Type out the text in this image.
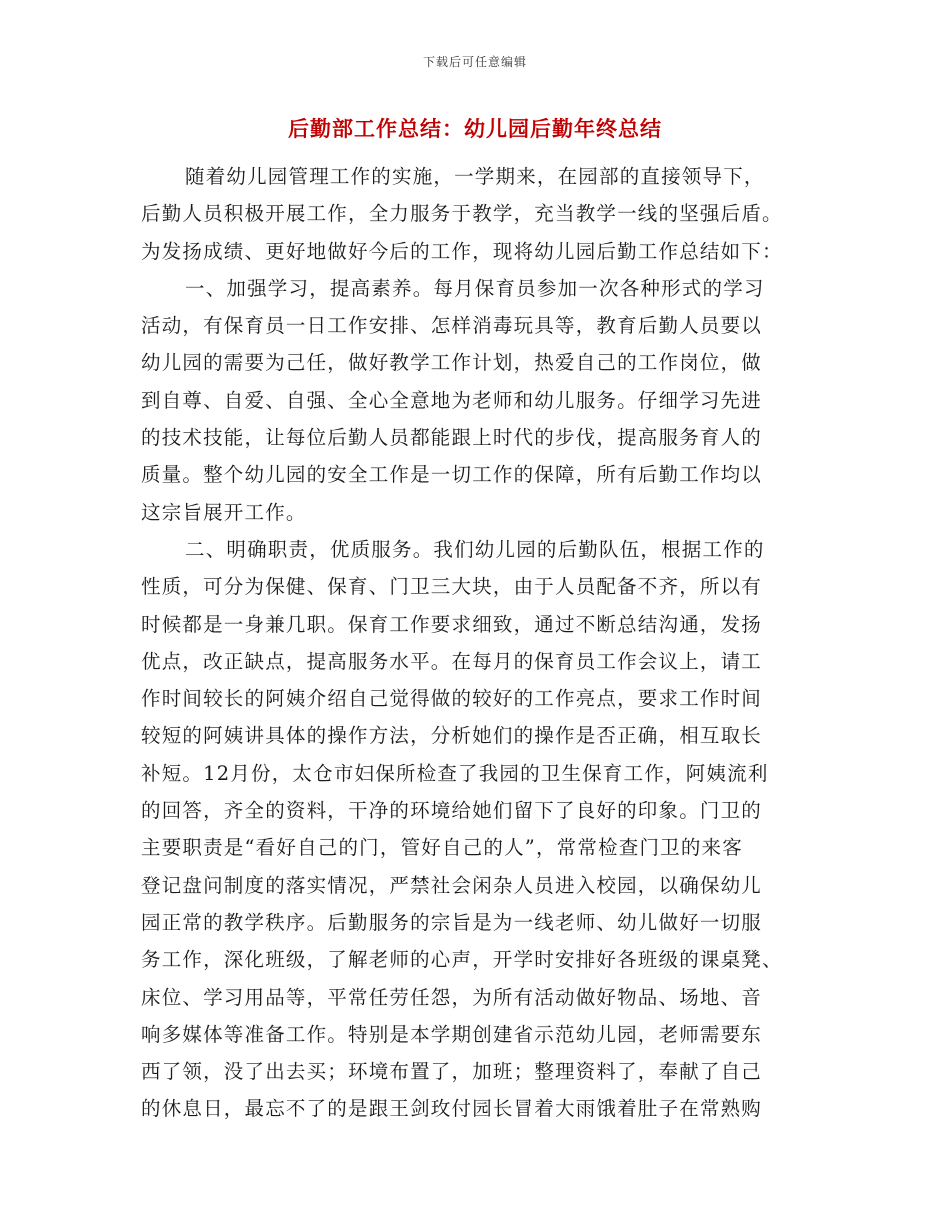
下载后可任意编辑
后勤部工作总结：幼儿园后勤年终总结
随着幼儿园管理工作的实施，一学期来，在园部的直接领导下，
后勤人员积极开展工作，全力服务于教学，充当教学一线的坚强后盾。
为发扬成绩、更好地做好今后的工作，现将幼儿园后勤工作总结如下：
一、加强学习，提高素养。每月保育员参加一次各种形式的学习
活动，有保育员一日工作安排、怎样消毒玩具等，教育后勤人员要以
幼儿园的需要为己任，做好教学工作计划，热爱自己的工作岗位，做
到自尊、自爱、自强、全心全意地为老师和幼儿服务。仔细学习先进
的技术技能，让每位后勤人员都能跟上时代的步伐，提高服务育人的
质量。整个幼儿园的安全工作是一切工作的保障，所有后勤工作均以
这宗旨展开工作。
二、明确职责，优质服务。我们幼儿园的后勤队伍，根据工作的
性质，可分为保健、保育、门卫三大块，由于人员配备不齐，所以有
时候都是一身兼几职。保育工作要求细致，通过不断总结沟通，发扬
优点，改正缺点，提高服务水平。在每月的保育员工作会议上，请工
作时间较长的阿姨介绍自己觉得做的较好的工作亮点，要求工作时间
较短的阿姨讲具体的操作方法，分析她们的操作是否正确，相互取长
补短。12月份，太仓市妇保所检查了我园的卫生保育工作，阿姨流利
的回答，齐全的资料，干净的环境给她们留下了良好的印象。门卫的
主要职责是“看好自己的门，管好自己的人”，常常检查门卫的来客
登记盘问制度的落实情况，严禁社会闲杂人员进入校园，以确保幼儿
园正常的教学秩序。后勤服务的宗旨是为一线老师、幼儿做好一切服
务工作，深化班级，了解老师的心声，开学时安排好各班级的课桌凳、
床位、学习用品等，平常任劳任怨，为所有活动做好物品、场地、音
响多媒体等准备工作。特别是本学期创建省示范幼儿园，老师需要东
西了领，没了出去买；环境布置了，加班；整理资料了，奉献了自己
的休息日，最忘不了的是跟王剑玫付园长冒着大雨饿着肚子在常熟购
